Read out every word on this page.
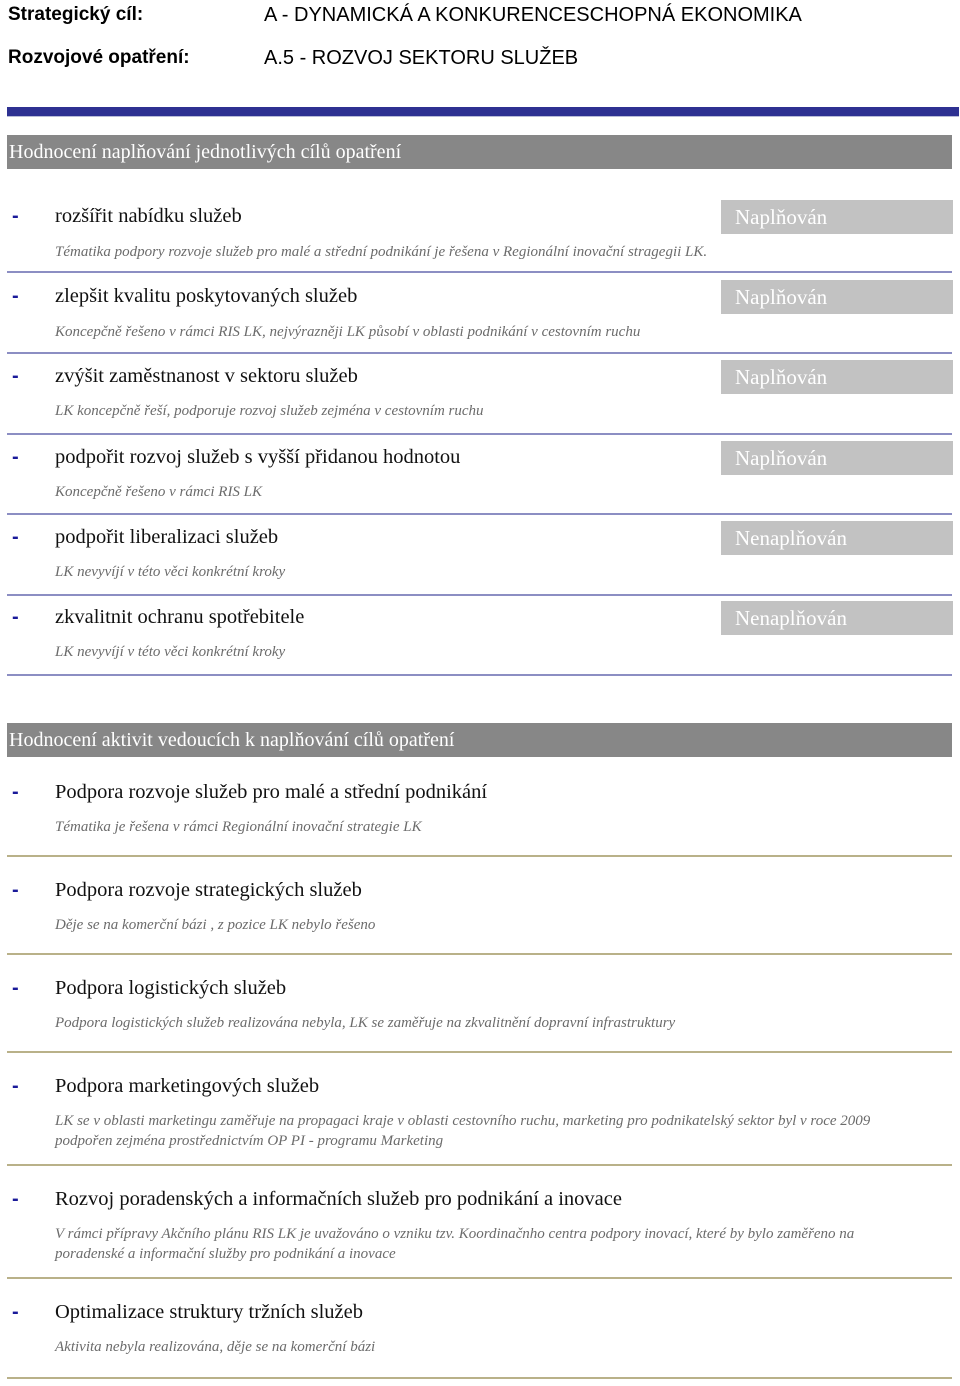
Strategický cíl:	A - DYNAMICKÁ A KONKURENCESCHOPNÁ EKONOMIKA
Rozvojové opatření:	A.5 - ROZVOJ SEKTORU SLUŽEB
Hodnocení naplňování jednotlivých cílů opatření
- rozšířit nabídku služeb	Naplňován
Tématika podpory rozvoje služeb pro malé a střední podnikání je řešena v Regionální inovační stragegii LK.
- zlepšit kvalitu poskytovaných služeb	Naplňován
Koncepčně řešeno v rámci RIS LK, nejvýrazněji LK působí v oblasti podnikání v cestovním ruchu
- zvýšit zaměstnanost v sektoru služeb	Naplňován
LK koncepčně řeší, podporuje rozvoj služeb zejména v cestovním ruchu
- podpořit rozvoj služeb s vyšší přidanou hodnotou	Naplňován
Koncepčně řešeno v rámci RIS LK
- podpořit liberalizaci služeb	Nenaplňován
LK nevyvíjí v této věci konkrétní kroky
- zkvalitnit ochranu spotřebitele	Nenaplňován
LK nevyvíjí v této věci konkrétní kroky
Hodnocení aktivit vedoucích k naplňování cílů opatření
- Podpora rozvoje služeb pro malé a střední podnikání
Tématika je řešena v rámci Regionální inovační strategie LK
- Podpora rozvoje strategických služeb
Děje se na komerční bázi , z pozice LK nebylo řešeno
- Podpora logistických služeb
Podpora logistických služeb realizována nebyla, LK se zaměřuje na zkvalitnění dopravní infrastruktury
- Podpora marketingových služeb
LK se v oblasti marketingu zaměřuje na propagaci kraje v oblasti cestovního ruchu, marketing pro podnikatelský sektor byl v roce 2009 podpořen zejména prostřednictvím OP PI - programu Marketing
- Rozvoj poradenských a informačních služeb pro podnikání a inovace
V rámci přípravy Akčního plánu RIS LK je uvažováno o vzniku tzv. Koordinačnho centra podpory inovací, které by bylo zaměřeno na poradenské a informační služby pro podnikání a inovace
- Optimalizace struktury tržních služeb
Aktivita nebyla realizována, děje se na komerční bázi
